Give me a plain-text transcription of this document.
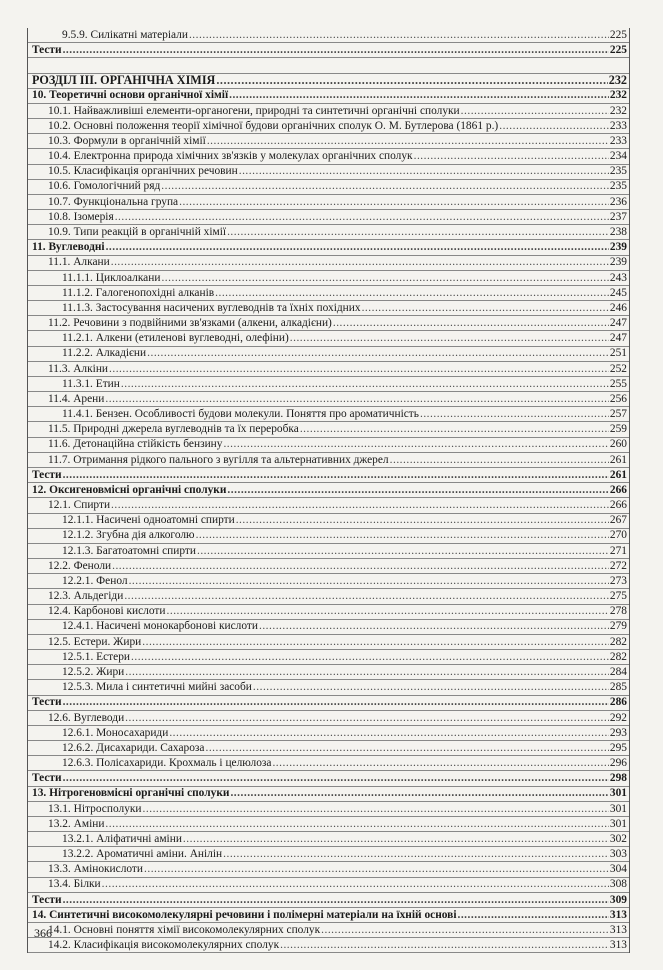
9.5.9. Силікатні матеріали .....	225
Тести .....	225
РОЗДІЛ III. ОРГАНІЧНА ХІМІЯ .....	232
10. Теоретичні основи органічної хімії .....	232
10.1. Найважливіші елементи-органогени, природні та синтетичні органічні сполуки .....	232
10.2. Основні положення теорії хімічної будови органічних сполук О. М. Бутлерова (1861 р.) .....	233
10.3. Формули в органічній хімії .....	233
10.4. Електронна природа хімічних зв'язків у молекулах органічних сполук .....	234
10.5. Класифікація органічних речовин .....	235
10.6. Гомологічний ряд .....	235
10.7. Функціональна група .....	236
10.8. Ізомерія .....	237
10.9. Типи реакцій в органічній хімії .....	238
11. Вуглеводні .....	239
11.1. Алкани .....	239
11.1.1. Циклоалкани .....	243
11.1.2. Галогенопохідні алканів .....	245
11.1.3. Застосування насичених вуглеводнів та їхніх похідних .....	246
11.2. Речовини з подвійними зв'язками (алкени, алкадієни) .....	247
11.2.1. Алкени (етиленові вуглеводні, олефіни) .....	247
11.2.2. Алкадієни .....	251
11.3. Алкіни .....	252
11.3.1. Етин .....	255
11.4. Арени .....	256
11.4.1. Бензен. Особливості будови молекули. Поняття про ароматичність .....	257
11.5. Природні джерела вуглеводнів та їх переробка .....	259
11.6. Детонаційна стійкість бензину .....	260
11.7. Отримання рідкого пального з вугілля та альтернативних джерел .....	261
Тести .....	261
12. Оксигеновмісні органічні сполуки .....	266
12.1. Спирти .....	266
12.1.1. Насичені одноатомні спирти .....	267
12.1.2. Згубна дія алкоголю .....	270
12.1.3. Багатоатомні спирти .....	271
12.2. Феноли .....	272
12.2.1. Фенол .....	273
12.3. Альдегіди .....	275
12.4. Карбонові кислоти .....	278
12.4.1. Насичені монокарбонові кислоти .....	279
12.5. Естери. Жири .....	282
12.5.1. Естери .....	282
12.5.2. Жири .....	284
12.5.3. Мила і синтетичні мийні засоби .....	285
Тести .....	286
12.6. Вуглеводи .....	292
12.6.1. Моносахариди .....	293
12.6.2. Дисахариди. Сахароза .....	295
12.6.3. Полісахариди. Крохмаль і целюлоза .....	296
Тести .....	298
13. Нітрогеновмісні органічні сполуки .....	301
13.1. Нітросполуки .....	301
13.2. Аміни .....	301
13.2.1. Аліфатичні аміни .....	302
13.2.2. Ароматичні аміни. Анілін .....	303
13.3. Амінокислоти .....	304
13.4. Білки .....	308
Тести .....	309
14. Синтетичні високомолекулярні речовини і полімерні матеріали на їхній основі .....	313
14.1. Основні поняття хімії високомолекулярних сполук .....	313
14.2. Класифікація високомолекулярних сполук .....	313
366
